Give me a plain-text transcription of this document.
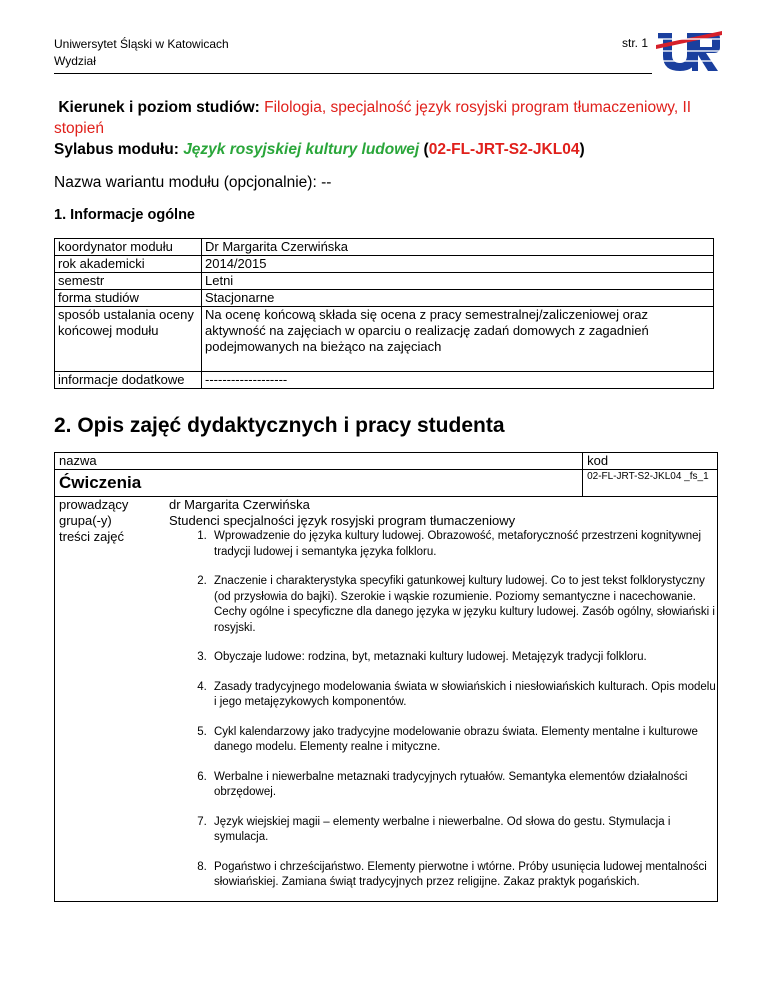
Uniwersytet Śląski w Katowicach
Wydział
str. 1
Kierunek i poziom studiów: Filologia, specjalność język rosyjski program tłumaczeniowy, II stopień
Sylabus modułu: Język rosyjskiej kultury ludowej (02-FL-JRT-S2-JKL04)
Nazwa wariantu modułu (opcjonalnie): --
1. Informacje ogólne
koordynator modułu	Dr Margarita Czerwińska
rok akademicki	2014/2015
semestr	Letni
forma studiów	Stacjonarne
sposób ustalania oceny końcowej modułu	Na ocenę końcową składa się ocena z pracy semestralnej/zaliczeniowej oraz aktywność na zajęciach w oparciu o realizację zadań domowych z zagadnień podejmowanych na bieżąco na zajęciach
informacje dodatkowe	-------------------
2. Opis zajęć dydaktycznych i pracy studenta
nazwa	kod

Ćwiczenia	02-FL-JRT-S2-JKL04 _fs_1

prowadzący	dr Margarita Czerwińska
grupa(-y)	Studenci specjalności język rosyjski program tłumaczeniowy
treści zajęć	
1.Wprowadzenie do języka kultury ludowej. Obrazowość, metaforyczność przestrzeni kognitywnej tradycji ludowej i semantyka języka folkloru.
2. Znaczenie i charakterystyka specyfiki gatunkowej kultury ludowej. Co to jest tekst folklorystyczny (od przysłowia do bajki). Szerokie i wąskie rozumienie. Poziomy semantyczne i nacechowanie. Cechy ogólne i specyficzne dla danego języka w języku kultury ludowej. Zasób ogólny, słowiański i rosyjski.
3. Obyczaje ludowe: rodzina, byt, metaznaki kultury ludowej. Metajęzyk tradycji folkloru.
4. Zasady tradycyjnego modelowania świata w słowiańskich i niesłowiańskich kulturach. Opis modelu i jego metajęzykowych komponentów.
5. Cykl kalendarzowy jako tradycyjne modelowanie obrazu świata. Elementy mentalne i kulturowe danego modelu. Elementy realne i mityczne.
6. Werbalne i niewerbalne metaznaki tradycyjnych rytuałów. Semantyka elementów działalności obrzędowej.
7. Język wiejskiej magii – elementy werbalne i niewerbalne. Od słowa do gestu. Stymulacja i symulacja.
8. Pogaństwo i chrześcijaństwo. Elementy pierwotne i wtórne. Próby usunięcia ludowej mentalności słowiańskiej. Zamiana świąt tradycyjnych przez religijne. Zakaz praktyk pogańskich.
